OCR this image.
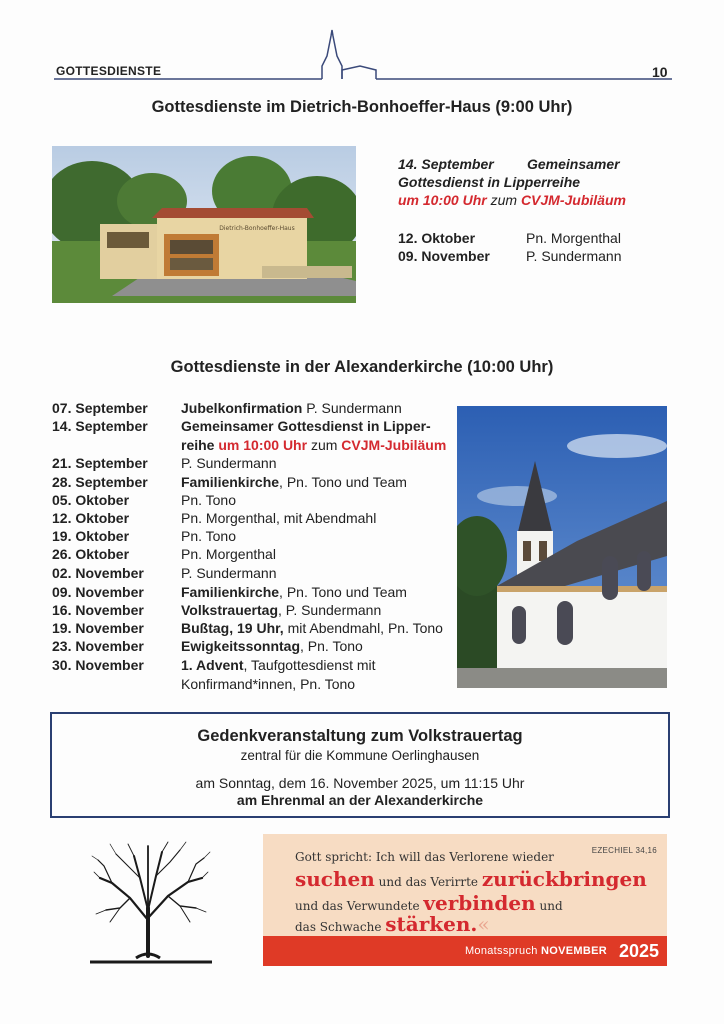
GOTTESDIENSTE	10
Gottesdienste im Dietrich-Bonhoeffer-Haus (9:00 Uhr)
Dietrich-Bonhoeffer-Haus
14. September Gemeinsamer
Gottesdienst in Lipperreihe
um 10:00 Uhr zum CVJM-Jubiläum
12. Oktober	Pn. Morgenthal
09. November	P. Sundermann
Gottesdienste in der Alexanderkirche (10:00 Uhr)
07. September Jubelkonfirmation P. Sundermann
14. September Gemeinsamer Gottesdienst in Lipper-
reihe um 10:00 Uhr zum CVJM-Jubiläum
21. September P. Sundermann
28. September Familienkirche, Pn. Tono und Team
05. Oktober	Pn. Tono
12. Oktober	Pn. Morgenthal, mit Abendmahl
19. Oktober	Pn. Tono
26. Oktober	Pn. Morgenthal
02. November	P. Sundermann
09. November	Familienkirche, Pn. Tono und Team
16. November	Volkstrauertag, P. Sundermann
19. November	Bußtag, 19 Uhr, mit Abendmahl, Pn. Tono
23. November	Ewigkeitssonntag, Pn. Tono
30. November	1. Advent, Taufgottesdienst mit
Konfirmand*innen, Pn. Tono
Gedenkveranstaltung zum Volkstrauertag
zentral für die Kommune Oerlinghausen
am Sonntag, dem 16. November 2025, um 11:15 Uhr
am Ehrenmal an der Alexanderkirche
EZECHIEL 34,16
Gott spricht: Ich will das Verlorene wieder
suchen und das Verirrte zurückbringen
und das Verwundete verbinden und
das Schwache stärken.«
Monatsspruch NOVEMBER 2025
